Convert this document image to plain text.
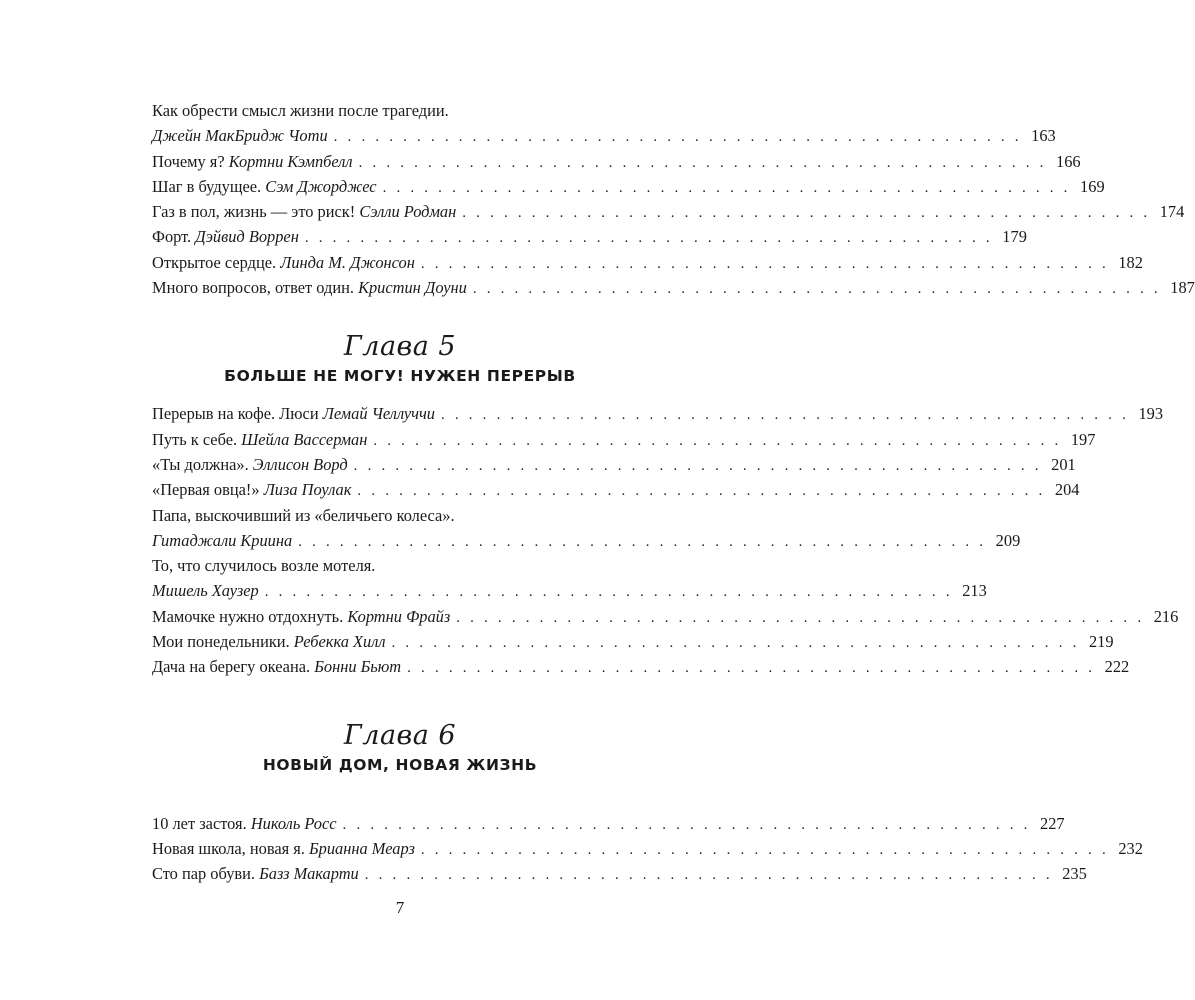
Как обрести смысл жизни после трагедии.
Джейн МакБридж Чоти . . . . . . . . . . . . . . . . . . . . . . . . . . . . . . . . . . . . . . . . . . . . . . . . . . 163
Почему я? Кортни Кэмпбелл . . . . . . . . . . . . . . . . . . . . . . . . . . . . . . . . . . . . . . . . . . . . . . . . . . 166
Шаг в будущее. Сэм Джорджес . . . . . . . . . . . . . . . . . . . . . . . . . . . . . . . . . . . . . . . . . . . . . . . . . . 169
Газ в пол, жизнь — это риск! Сэлли Родман . . . . . . . . . . . . . . . . . . . . . . . . . . . . . . . . . . . . . . . . . . . . . . . . . . 174
Форт. Дэйвид Воррен . . . . . . . . . . . . . . . . . . . . . . . . . . . . . . . . . . . . . . . . . . . . . . . . . . 179
Открытое сердце. Линда М. Джонсон . . . . . . . . . . . . . . . . . . . . . . . . . . . . . . . . . . . . . . . . . . . . . . . . . . 182
Много вопросов, ответ один. Кристин Доуни . . . . . . . . . . . . . . . . . . . . . . . . . . . . . . . . . . . . . . . . . . . . . . . . . . 187
Глава 5
БОЛЬШЕ НЕ МОГУ! НУЖЕН ПЕРЕРЫВ
Перерыв на кофе. Люси Лемай Челлуччи . . . . . . . . . . . . . . . . . . . . . . . . . . . . . . . . . . . . . . . . . . . . . . . . . . 193
Путь к себе. Шейла Вассерман . . . . . . . . . . . . . . . . . . . . . . . . . . . . . . . . . . . . . . . . . . . . . . . . . . 197
«Ты должна». Эллисон Ворд . . . . . . . . . . . . . . . . . . . . . . . . . . . . . . . . . . . . . . . . . . . . . . . . . . 201
«Первая овца!» Лиза Поулак . . . . . . . . . . . . . . . . . . . . . . . . . . . . . . . . . . . . . . . . . . . . . . . . . . 204
Папа, выскочивший из «беличьего колеса».
Гитаджали Криина . . . . . . . . . . . . . . . . . . . . . . . . . . . . . . . . . . . . . . . . . . . . . . . . . . 209
То, что случилось возле мотеля.
Мишель Хаузер . . . . . . . . . . . . . . . . . . . . . . . . . . . . . . . . . . . . . . . . . . . . . . . . . . 213
Мамочке нужно отдохнуть. Кортни Фрайз . . . . . . . . . . . . . . . . . . . . . . . . . . . . . . . . . . . . . . . . . . . . . . . . . . 216
Мои понедельники. Ребекка Хилл . . . . . . . . . . . . . . . . . . . . . . . . . . . . . . . . . . . . . . . . . . . . . . . . . . 219
Дача на берегу океана. Бонни Бьют . . . . . . . . . . . . . . . . . . . . . . . . . . . . . . . . . . . . . . . . . . . . . . . . . . 222
Глава 6
НОВЫЙ ДОМ, НОВАЯ ЖИЗНЬ
10 лет застоя. Николь Росс . . . . . . . . . . . . . . . . . . . . . . . . . . . . . . . . . . . . . . . . . . . . . . . . . . 227
Новая школа, новая я. Брианна Меарз . . . . . . . . . . . . . . . . . . . . . . . . . . . . . . . . . . . . . . . . . . . . . . . . . . 232
Сто пар обуви. Базз Макарти . . . . . . . . . . . . . . . . . . . . . . . . . . . . . . . . . . . . . . . . . . . . . . . . . . 235
7
